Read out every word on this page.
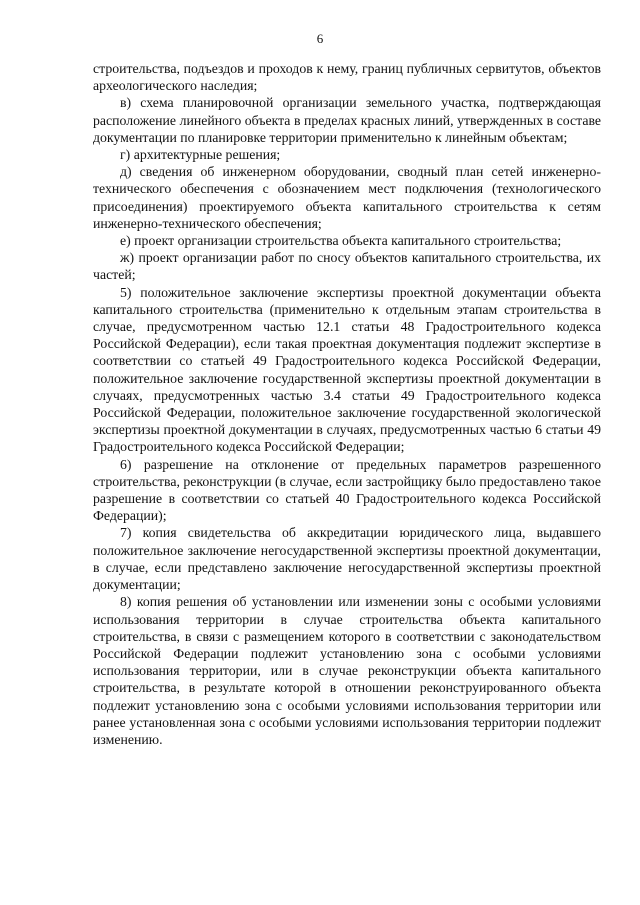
6

строительства, подъездов и проходов к нему, границ публичных сервитутов, объектов археологического наследия;

в) схема планировочной организации земельного участка, подтверждающая расположение линейного объекта в пределах красных линий, утвержденных в составе документации по планировке территории применительно к линейным объектам;

г) архитектурные решения;

д) сведения об инженерном оборудовании, сводный план сетей инженерно-технического обеспечения с обозначением мест подключения (технологического присоединения) проектируемого объекта капитального строительства к сетям инженерно-технического обеспечения;

е) проект организации строительства объекта капитального строительства;

ж) проект организации работ по сносу объектов капитального строительства, их частей;

5) положительное заключение экспертизы проектной документации объекта капитального строительства (применительно к отдельным этапам строительства в случае, предусмотренном частью 12.1 статьи 48 Градостроительного кодекса Российской Федерации), если такая проектная документация подлежит экспертизе в соответствии со статьей 49 Градостроительного кодекса Российской Федерации, положительное заключение государственной экспертизы проектной документации в случаях, предусмотренных частью 3.4 статьи 49 Градостроительного кодекса Российской Федерации, положительное заключение государственной экологической экспертизы проектной документации в случаях, предусмотренных частью 6 статьи 49 Градостроительного кодекса Российской Федерации;

6) разрешение на отклонение от предельных параметров разрешенного строительства, реконструкции (в случае, если застройщику было предоставлено такое разрешение в соответствии со статьей 40 Градостроительного кодекса Российской Федерации);

7) копия свидетельства об аккредитации юридического лица, выдавшего положительное заключение негосударственной экспертизы проектной документации, в случае, если представлено заключение негосударственной экспертизы проектной документации;

8) копия решения об установлении или изменении зоны с особыми условиями использования территории в случае строительства объекта капитального строительства, в связи с размещением которого в соответствии с законодательством Российской Федерации подлежит установлению зона с особыми условиями использования территории, или в случае реконструкции объекта капитального строительства, в результате которой в отношении реконструированного объекта подлежит установлению зона с особыми условиями использования территории или ранее установленная зона с особыми условиями использования территории подлежит изменению.
